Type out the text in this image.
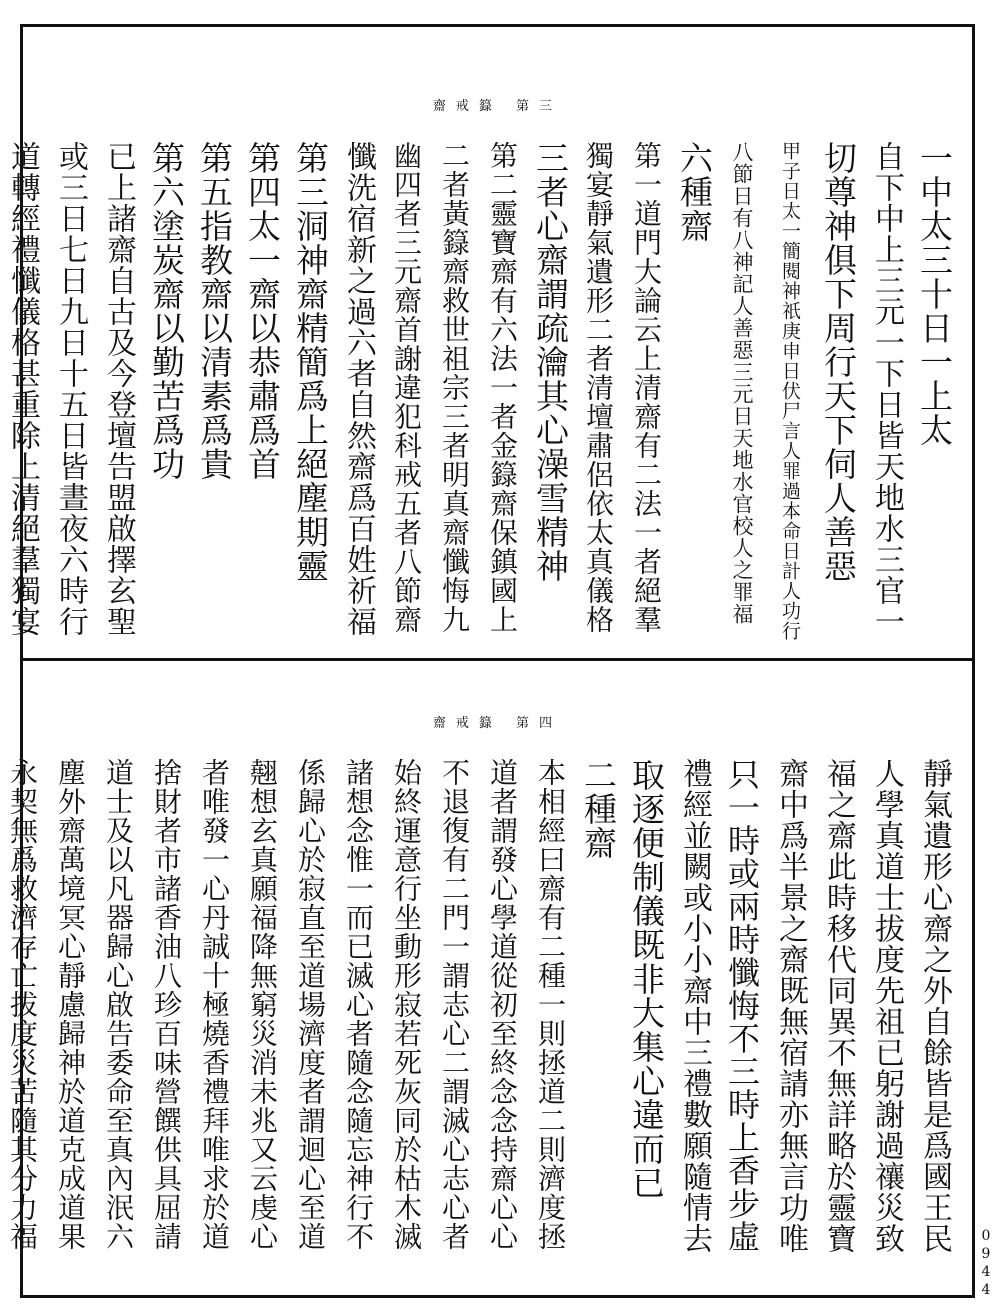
齋戒籙 第三
一中太三十日一上太
自下中上三元一下日皆天地水三官一
切尊神俱下周行天下伺人善惡
甲子日太一簡閱神祇庚申日伏尸言人罪過本命日計人功行
八節日有八神記人善惡三元日天地水官校人之罪福
六種齋
第一道門大論云上清齋有二法一者絕羣
獨宴靜氣遺形二者清壇肅侶依太真儀格
三者心齋謂疏瀹其心澡雪精神
第二靈寶齋有六法一者金籙齋保鎮國上
二者黃籙齋救世祖宗三者明真齋懺悔九
幽四者三元齋首謝違犯科戒五者八節齋
懺洗宿新之過六者自然齋爲百姓祈福
第三洞神齋精簡爲上絕塵期靈
第四太一齋以恭肅爲首
第五指教齋以清素爲貴
第六塗炭齋以勤苦爲功
已上諸齋自古及今登壇告盟啟擇玄聖
或三日七日九日十五日皆晝夜六時行
道轉經禮懺儀格甚重除上清絕羣獨宴
齋戒籙 第四
靜氣遺形心齋之外自餘皆是爲國王民
人學真道士拔度先祖已躬謝過禳災致
福之齋此時移代同異不無詳略於靈寶
齋中爲半景之齋既無宿請亦無言功唯
只一時或兩時懺悔不三時上香步虛
禮經並闕或小小齋中三禮數願隨情去
取逐便制儀既非大集心違而已
二種齋
本相經曰齋有二種一則拯道二則濟度拯
道者謂發心學道從初至終念念持齋心心
不退復有二門一謂志心二謂滅心志心者
始終運意行坐動形寂若死灰同於枯木滅
諸想念惟一而已滅心者隨念隨忘神行不
係歸心於寂直至道場濟度者謂迴心至道
翹想玄真願福降無窮災消未兆又云虔心
者唯發一心丹誠十極燒香禮拜唯求於道
捨財者市諸香油八珍百味營饌供具屈請
道士及以凡器歸心啟告委命至真內泯六
塵外齋萬境冥心靜慮歸神於道克成道果
永契無爲救濟存亡拔度災苦隨其分力福
0944
